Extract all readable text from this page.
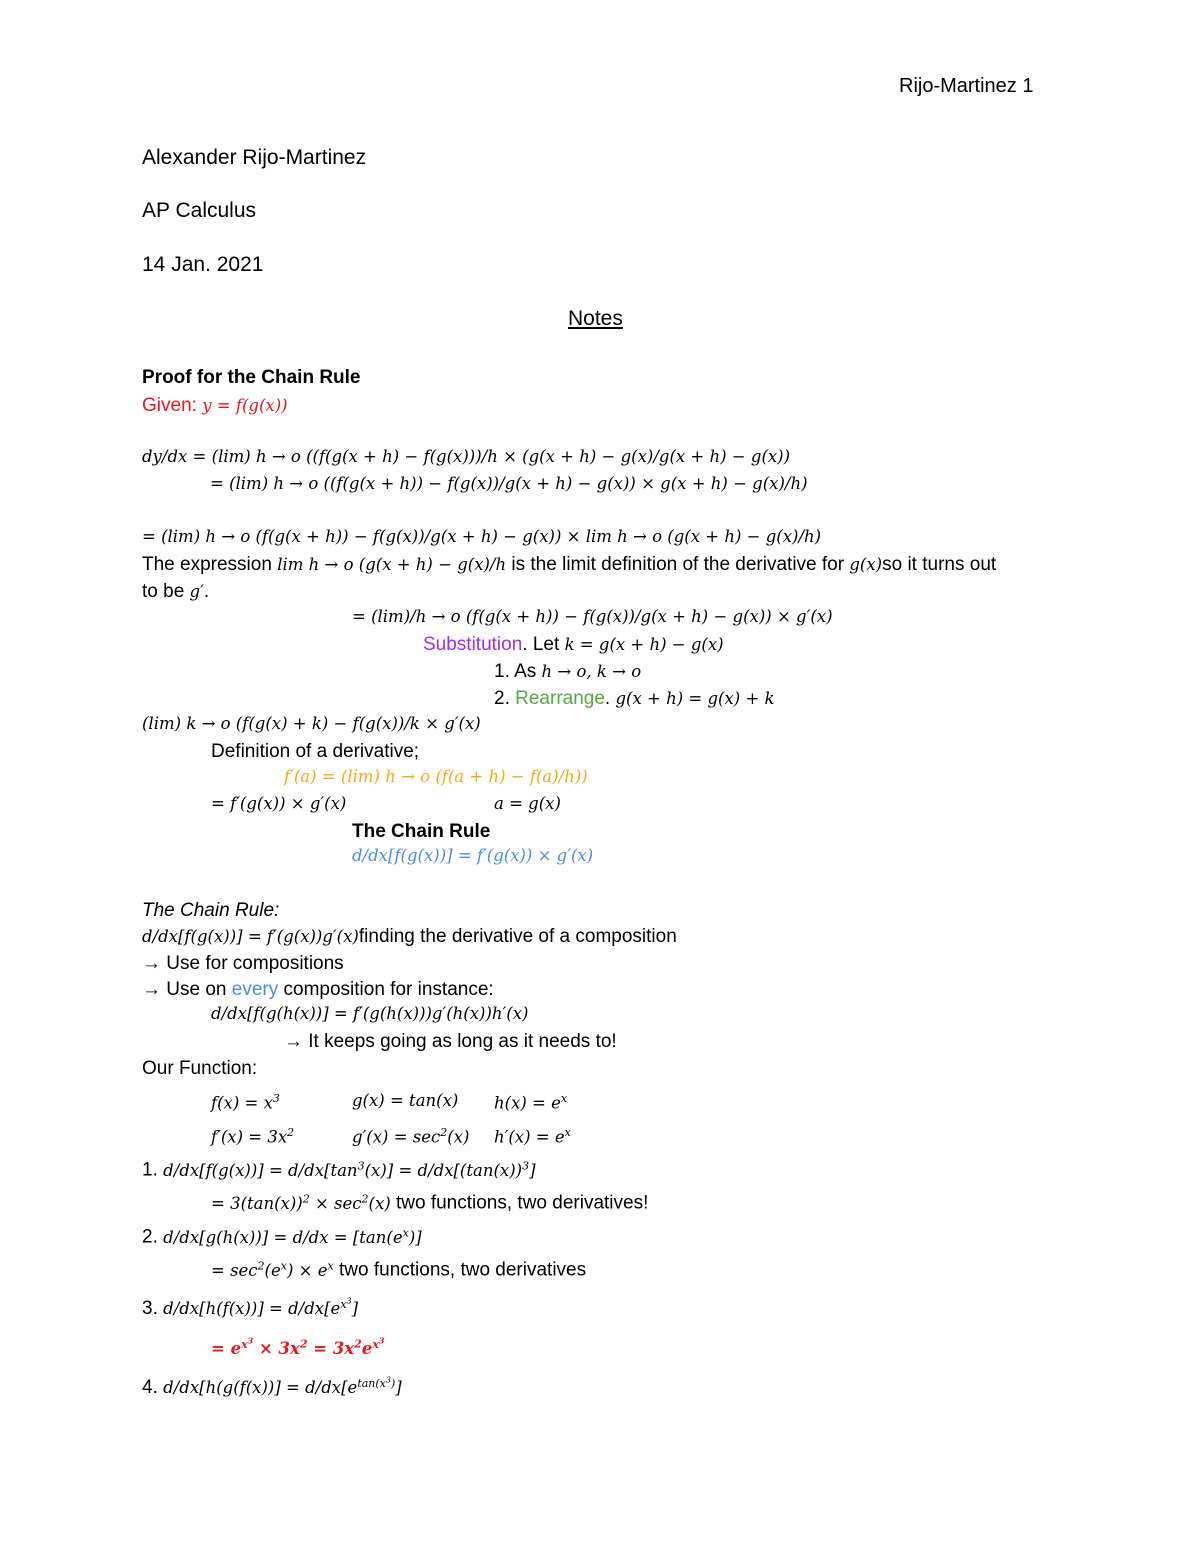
Rijo-Martinez 1
Alexander Rijo-Martinez
AP Calculus
14 Jan. 2021
Notes
Proof for the Chain Rule
Given: y = f(g(x))
dy/dx = (lim) h → o ((f(g(x + h) − f(g(x)))/h × (g(x + h) − g(x)/g(x + h) − g(x))
= (lim) h → o ((f(g(x + h)) − f(g(x))/g(x + h) − g(x)) × g(x + h) − g(x)/h)
= (lim) h → o (f(g(x + h)) − f(g(x))/g(x + h) − g(x)) × lim h → o (g(x + h) − g(x)/h)
The expression lim h → o (g(x + h) − g(x)/h is the limit definition of the derivative for g(x)so it turns out
to be g′.
= (lim)/h → o (f(g(x + h)) − f(g(x))/g(x + h) − g(x)) × g′(x)
Substitution. Let k = g(x + h) − g(x)
1. As h → o, k → o
2. Rearrange. g(x + h) = g(x) + k
(lim) k → o (f(g(x) + k) − f(g(x))/k × g′(x)
Definition of a derivative;
f′(a) = (lim) h → o (f(a + h) − f(a)/h))
= f′(g(x)) × g′(x)	a = g(x)
The Chain Rule
d/dx[f(g(x))] = f′(g(x)) × g′(x)
The Chain Rule:
d/dx[f(g(x))] = f′(g(x))g′(x)finding the derivative of a composition
→ Use for compositions
→ Use on every composition for instance:
d/dx[f(g(h(x))] = f′(g(h(x)))g′(h(x))h′(x)
→ It keeps going as long as it needs to!
Our Function:
$f(x) = x^3$	g(x) = tan(x) $h(x) = e^x$
$f'(x) = 3x^2$	$g'(x) = \sec^2(x) h'(x) = e^x$
1. $d/dx[f(g(x))] = d/dx[\tan^3(x)] = d/dx[(\tan(x))^3]$
= $3(\tan(x))^2 \times \sec^2(x)$ two functions, two derivatives!
2. $d/dx[g(h(x))] = d/dx = [\tan(e^x)]$
= $\sec^2(e^x) \times e^x$ two functions, two derivatives
3. $d/dx[h(f(x))] = d/dx[e^{x^3}]$
= $e^{x^3} \times 3x^2 = 3x^2e^{x^3}$
4. $d/dx[h(g(f(x))] = d/dx[e^{tan(x^3)}]$
